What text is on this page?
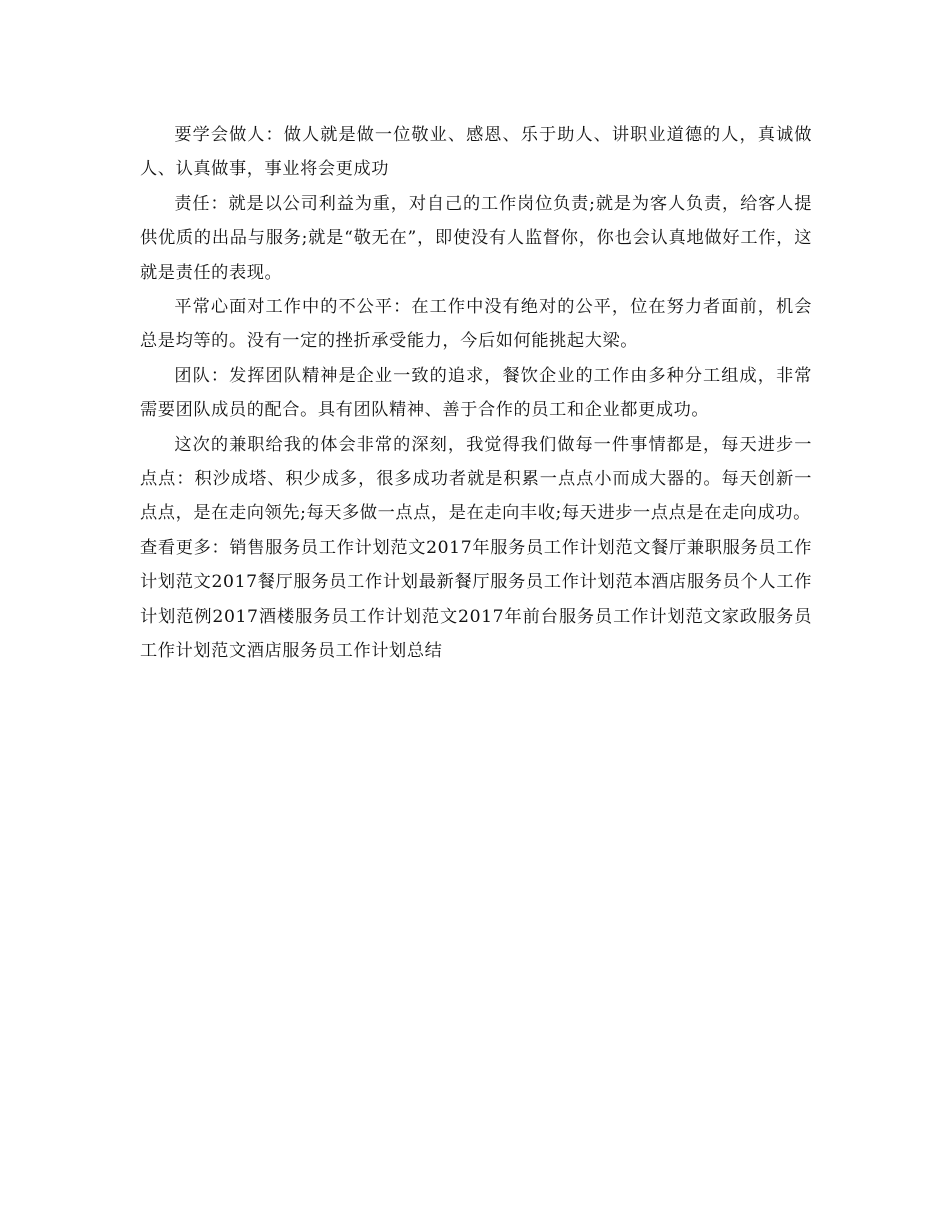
要学会做人：做人就是做一位敬业、感恩、乐于助人、讲职业道德的人，真诚做人、认真做事，事业将会更成功

责任：就是以公司利益为重，对自己的工作岗位负责;就是为客人负责，给客人提供优质的出品与服务;就是“敬无在”，即使没有人监督你，你也会认真地做好工作，这就是责任的表现。

平常心面对工作中的不公平：在工作中没有绝对的公平，位在努力者面前，机会总是均等的。没有一定的挫折承受能力，今后如何能挑起大梁。

团队：发挥团队精神是企业一致的追求，餐饮企业的工作由多种分工组成，非常需要团队成员的配合。具有团队精神、善于合作的员工和企业都更成功。

这次的兼职给我的体会非常的深刻，我觉得我们做每一件事情都是，每天进步一点点：积沙成塔、积少成多，很多成功者就是积累一点点小而成大器的。每天创新一点点，是在走向领先;每天多做一点点，是在走向丰收;每天进步一点点是在走向成功。

查看更多：销售服务员工作计划范文2017年服务员工作计划范文餐厅兼职服务员工作计划范文2017餐厅服务员工作计划最新餐厅服务员工作计划范本酒店服务员个人工作计划范例2017酒楼服务员工作计划范文2017年前台服务员工作计划范文家政服务员工作计划范文酒店服务员工作计划总结
